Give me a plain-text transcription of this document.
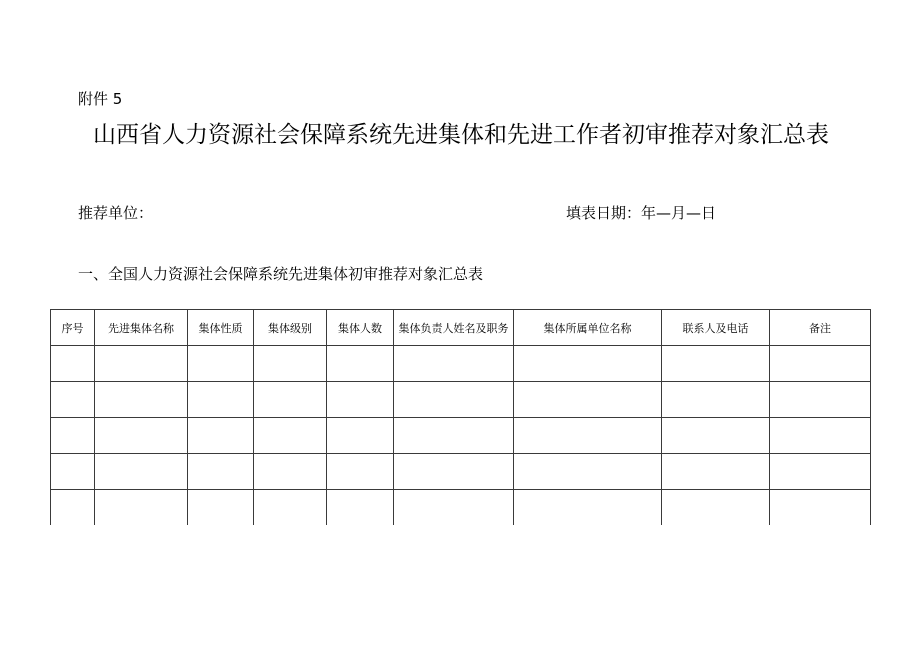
附件 5
山西省人力资源社会保障系统先进集体和先进工作者初审推荐对象汇总表
推荐单位：	填表日期：年—月—日
一、全国人力资源社会保障系统先进集体初审推荐对象汇总表
序号	先进集体名称	集体性质	集体级别	集体人数	集体负责人姓名及职务	集体所属单位名称	联系人及电话	备注
